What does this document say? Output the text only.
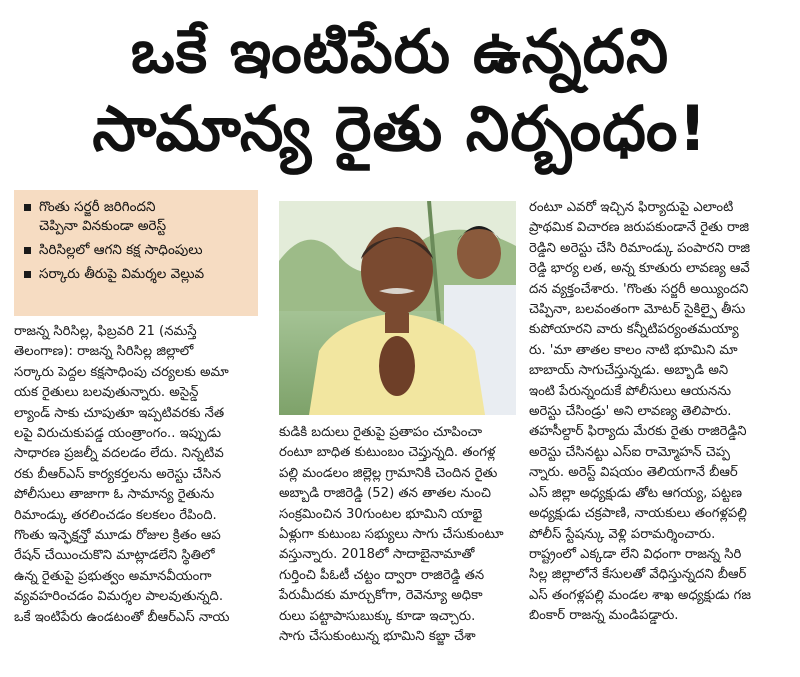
ఒకే ఇంటిపేరు ఉన్నదని
సామాన్య రైతు నిర్బంధం!
గొంతు సర్జరీ జరిగిందని
చెప్పినా వినకుండా అరెస్ట్
సిరిసిల్లలో ఆగని కక్ష సాధింపులు
సర్కారు తీరుపై విమర్శల వెల్లువ

రాజన్న సిరిసిల్ల, ఫిబ్రవరి 21 (నమస్తే

తెలంగాణ): రాజన్న సిరిసిల్ల జిల్లాలో

సర్కారు పెద్దల కక్షసాధింపు చర్యలకు అమా

యక రైతులు బలవుతున్నారు. అసైన్డ్

ల్యాండ్ సాకు చూపుతూ ఇప్పటివరకు నేత

లపై విరుచుకుపడ్డ యంత్రాంగం.. ఇప్పుడు

సాధారణ ప్రజల్నీ వదలడం లేదు. నిన్నటివ

రకు బీఆర్ఎస్ కార్యకర్తలను అరెస్టు చేసిన

పోలీసులు తాజాగా ఓ సామాన్య రైతును

రిమాండ్కు తరలించడం కలకలం రేపింది.

గొంతు ఇన్ఫెక్షన్తో మూడు రోజుల క్రితం ఆప

రేషన్ చేయించుకొని మాట్లాడలేని స్థితిలో

ఉన్న రైతుపై ప్రభుత్వం అమానవీయంగా

వ్యవహరించడం విమర్శల పాలవుతున్నది.

ఒకే ఇంటిపేరు ఉండటంతో బీఆర్ఎస్ నాయ

కుడికి బదులు రైతుపై ప్రతాపం చూపించా

రంటూ బాధిత కుటుంబం చెప్తున్నది. తంగళ్ల

పల్లి మండలం జిల్లెల్ల గ్రామానికి చెందిన రైతు

అబ్బాడి రాజిరెడ్డి (52) తన తాతల నుంచి

సంక్రమించిన 30గుంటల భూమిని యాభై

ఏళ్లుగా కుటుంబ సభ్యులు సాగు చేసుకుంటూ

వస్తున్నారు. 2018లో సాదాబైనామాతో

గుర్తించి పీఓటీ చట్టం ద్వారా రాజిరెడ్డి తన

పేరుమీదకు మార్చుకోగా, రెవెన్యూ అధికా

రులు పట్టాపాసుబుక్కు కూడా ఇచ్చారు.

సాగు చేసుకుంటున్న భూమిని కబ్జా చేశా

రంటూ ఎవరో ఇచ్చిన ఫిర్యాదుపై ఎలాంటి

ప్రాథమిక విచారణ జరుపకుండానే రైతు రాజి

రెడ్డిని అరెస్టు చేసి రిమాండ్కు పంపారని రాజి

రెడ్డి భార్య లత, అన్న కూతురు లావణ్య ఆవే

దన వ్యక్తంచేశారు. 'గొంతు సర్జరీ అయ్యిందని

చెప్పినా, బలవంతంగా మోటర్ సైకిల్పై తీసు

కుపోయారని వారు కన్నీటిపర్యంతమయ్యా

రు. 'మా తాతల కాలం నాటి భూమిని మా

బాబాయ్ సాగుచేస్తున్నడు. అబ్బాడి అని

ఇంటి పేరున్నందుకే పోలీసులు ఆయనను

అరెస్టు చేసిండ్రు' అని లావణ్య తెలిపారు.

తహసీల్దార్ ఫిర్యాదు మేరకు రైతు రాజిరెడ్డిని

అరెస్టు చేసినట్టు ఎస్ఐ రామ్మోహన్ చెప్ప

న్నారు. అరెస్ట్ విషయం తెలియగానే బీఆర్

ఎస్ జిల్లా అధ్యక్షుడు తోట ఆగయ్య, పట్టణ

అధ్యక్షుడు చక్రపాణి, నాయకులు తంగళ్లపల్లి

పోలీస్ స్టేషన్కు వెళ్లి పరామర్శించారు.

రాష్ట్రంలో ఎక్కడా లేని విధంగా రాజన్న సిరి

సిల్ల జిల్లాలోనే కేసులతో వేధిస్తున్నదని బీఆర్

ఎస్ తంగళ్లపల్లి మండల శాఖ అధ్యక్షుడు గజ

బింకార్ రాజన్న మండిపడ్డారు.
